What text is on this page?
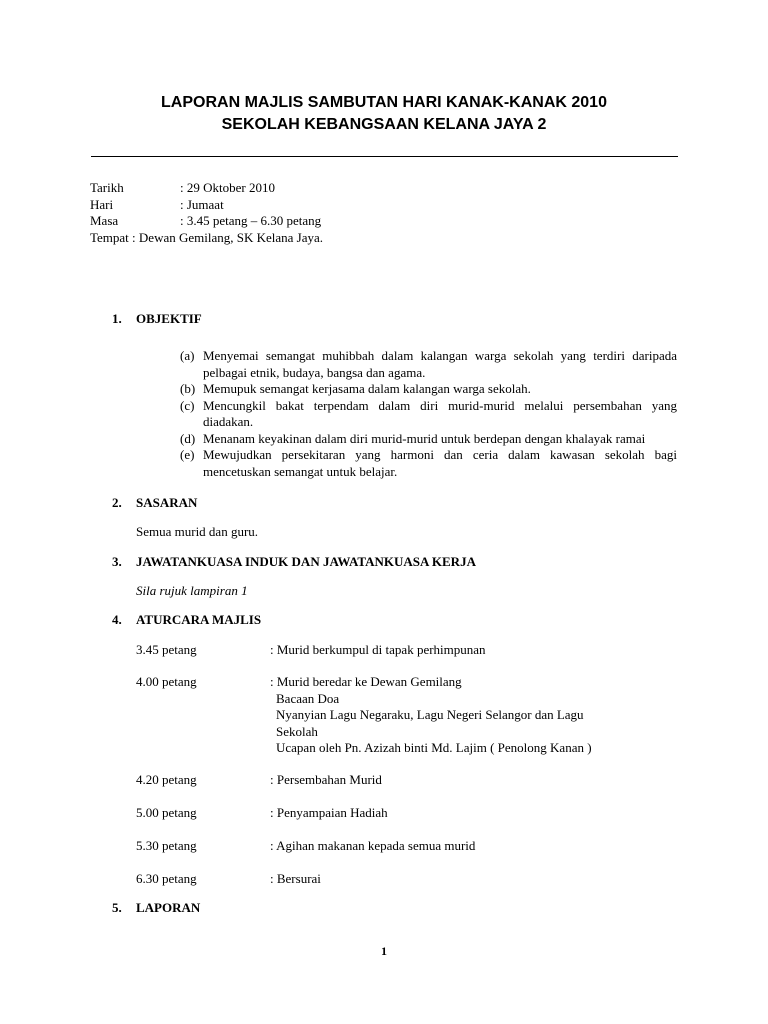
LAPORAN MAJLIS SAMBUTAN HARI KANAK-KANAK 2010
SEKOLAH KEBANGSAAN KELANA JAYA 2
Tarikh	: 29 Oktober 2010
Hari	: Jumaat
Masa	: 3.45 petang – 6.30 petang
Tempat : Dewan Gemilang, SK Kelana Jaya.
1. OBJEKTIF
(a) Menyemai semangat muhibbah dalam kalangan warga sekolah yang terdiri daripada pelbagai etnik, budaya, bangsa dan agama.
(b) Memupuk semangat kerjasama dalam kalangan warga sekolah.
(c) Mencungkil bakat terpendam dalam diri murid-murid melalui persembahan yang diadakan.
(d) Menanam keyakinan dalam diri murid-murid untuk berdepan dengan khalayak ramai
(e) Mewujudkan persekitaran yang harmoni dan ceria dalam kawasan sekolah bagi mencetuskan semangat untuk belajar.
2. SASARAN
Semua murid dan guru.
3. JAWATANKUASA INDUK DAN JAWATANKUASA KERJA
Sila rujuk lampiran 1
4. ATURCARA MAJLIS
3.45 petang	: Murid berkumpul di tapak perhimpunan
4.00 petang	: Murid beredar ke Dewan Gemilang
Bacaan Doa
Nyanyian Lagu Negaraku, Lagu Negeri Selangor dan Lagu
Sekolah
Ucapan oleh Pn. Azizah binti Md. Lajim ( Penolong Kanan )
4.20 petang	: Persembahan Murid
5.00 petang	: Penyampaian Hadiah
5.30 petang	: Agihan makanan kepada semua murid
6.30 petang	: Bersurai
5. LAPORAN
1
